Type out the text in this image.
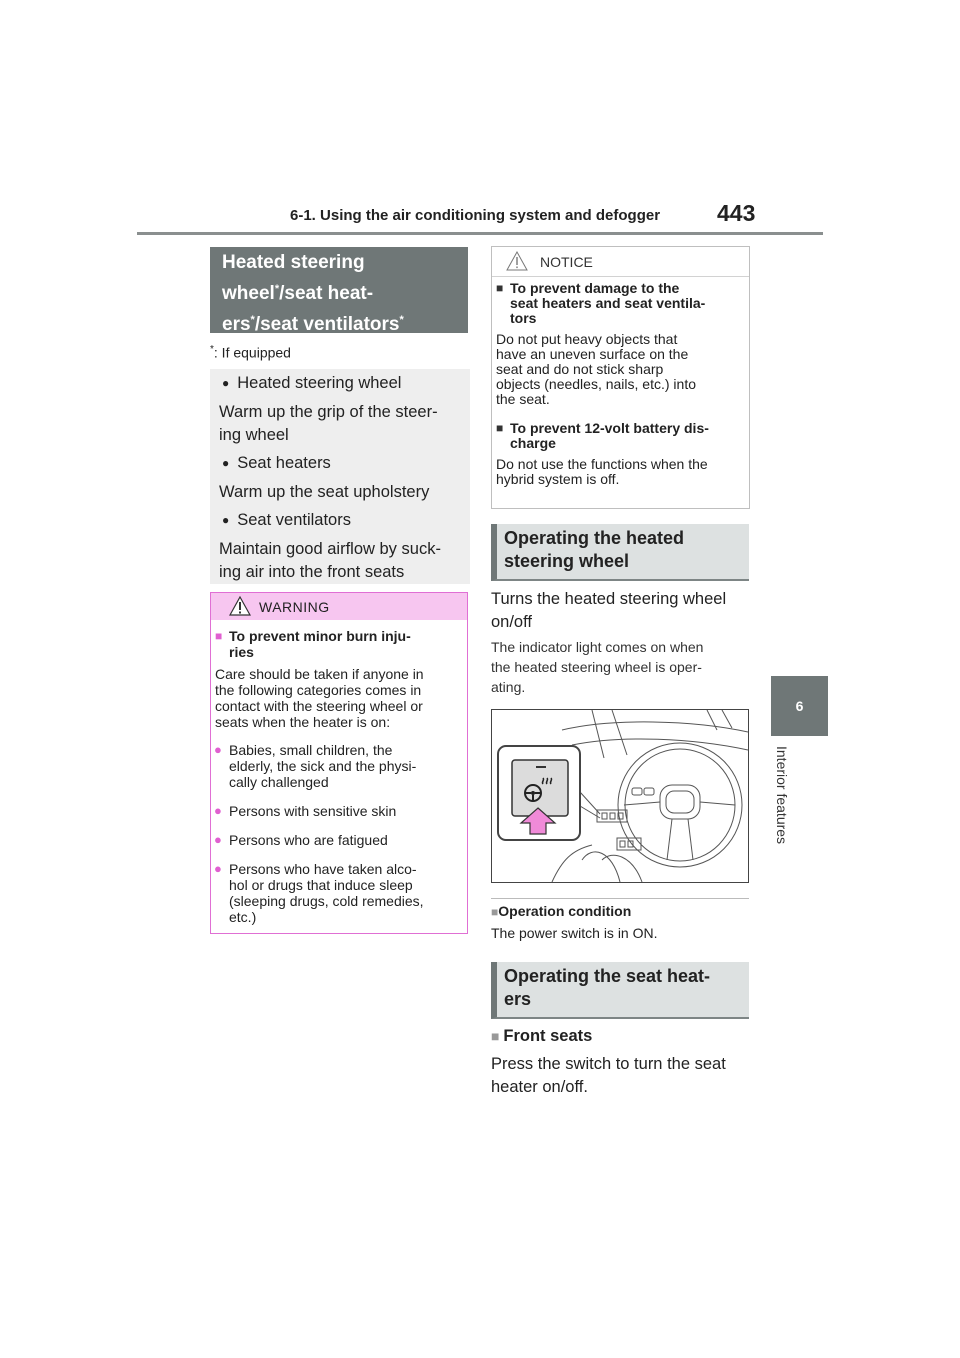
6-1. Using the air conditioning system and defogger 443
6
Interior features
Heated steering
wheel*/seat heat-
ers*/seat ventilators*
*: If equipped
● Heated steering wheel
Warm up the grip of the steer-
ing wheel
● Seat heaters
Warm up the seat upholstery
● Seat ventilators
Maintain good airflow by suck-
ing air into the front seats
WARNING
■ To prevent minor burn inju-
ries
Care should be taken if anyone in
the following categories comes in
contact with the steering wheel or
seats when the heater is on:
● Babies, small children, the
elderly, the sick and the physi-
cally challenged
● Persons with sensitive skin
● Persons who are fatigued
● Persons who have taken alco-
hol or drugs that induce sleep
(sleeping drugs, cold remedies,
etc.)
NOTICE
■ To prevent damage to the
seat heaters and seat ventila-
tors
Do not put heavy objects that
have an uneven surface on the
seat and do not stick sharp
objects (needles, nails, etc.) into
the seat.
■ To prevent 12-volt battery dis-
charge
Do not use the functions when the
hybrid system is off.
Operating the heated
steering wheel
Turns the heated steering wheel
on/off
The indicator light comes on when
the heated steering wheel is oper-
ating.
■ Operation condition
The power switch is in ON.
Operating the seat heat-
ers
■ Front seats
Press the switch to turn the seat
heater on/off.
